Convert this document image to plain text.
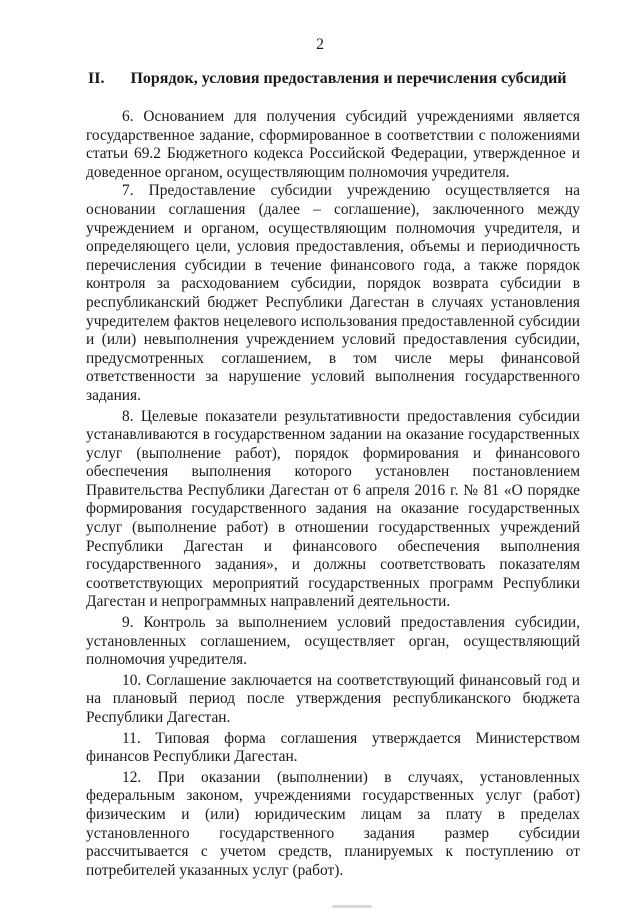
2
II. Порядок, условия предоставления и перечисления субсидий

6. Основанием для получения субсидий учреждениями является государственное задание, сформированное в соответствии с положениями статьи 69.2 Бюджетного кодекса Российской Федерации, утвержденное и доведенное органом, осуществляющим полномочия учредителя.

7. Предоставление субсидии учреждению осуществляется на основании соглашения (далее – соглашение), заключенного между учреждением и органом, осуществляющим полномочия учредителя, и определяющего цели, условия предоставления, объемы и периодичность перечисления субсидии в течение финансового года, а также порядок контроля за расходованием субсидии, порядок возврата субсидии в республиканский бюджет Республики Дагестан в случаях установления учредителем фактов нецелевого использования предоставленной субсидии и (или) невыполнения учреждением условий предоставления субсидии, предусмотренных соглашением, в том числе меры финансовой ответственности за нарушение условий выполнения государственного задания.

8. Целевые показатели результативности предоставления субсидии устанавливаются в государственном задании на оказание государственных услуг (выполнение работ), порядок формирования и финансового обеспечения выполнения которого установлен постановлением Правительства Республики Дагестан от 6 апреля 2016 г. № 81 «О порядке формирования государственного задания на оказание государственных услуг (выполнение работ) в отношении государственных учреждений Республики Дагестан и финансового обеспечения выполнения государственного задания», и должны соответствовать показателям соответствующих мероприятий государственных программ Республики Дагестан и непрограммных направлений деятельности.

9. Контроль за выполнением условий предоставления субсидии, установленных соглашением, осуществляет орган, осуществляющий полномочия учредителя.

10. Соглашение заключается на соответствующий финансовый год и на плановый период после утверждения республиканского бюджета Республики Дагестан.

11. Типовая форма соглашения утверждается Министерством финансов Республики Дагестан.

12. При оказании (выполнении) в случаях, установленных федеральным законом, учреждениями государственных услуг (работ) физическим и (или) юридическим лицам за плату в пределах установленного государственного задания размер субсидии рассчитывается с учетом средств, планируемых к поступлению от потребителей указанных услуг (работ).
